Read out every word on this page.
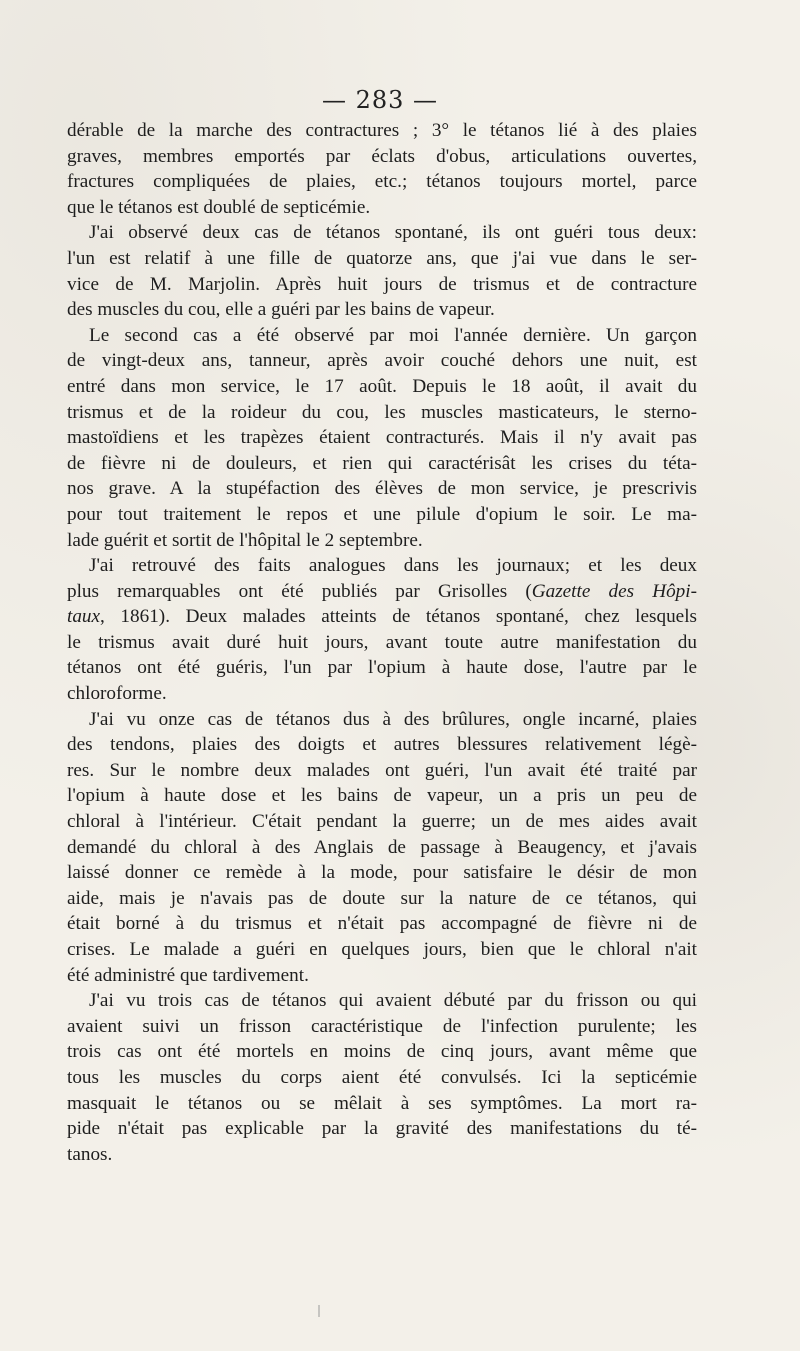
— 283 —
dérable de la marche des contractures ; 3° le tétanos lié à des plaies
graves, membres emportés par éclats d'obus, articulations ouvertes,
fractures compliquées de plaies, etc.; tétanos toujours mortel, parce
que le tétanos est doublé de septicémie.
J'ai observé deux cas de tétanos spontané, ils ont guéri tous deux:
l'un est relatif à une fille de quatorze ans, que j'ai vue dans le ser-
vice de M. Marjolin. Après huit jours de trismus et de contracture
des muscles du cou, elle a guéri par les bains de vapeur.
Le second cas a été observé par moi l'année dernière. Un garçon
de vingt-deux ans, tanneur, après avoir couché dehors une nuit, est
entré dans mon service, le 17 août. Depuis le 18 août, il avait du
trismus et de la roideur du cou, les muscles masticateurs, le sterno-
mastoïdiens et les trapèzes étaient contracturés. Mais il n'y avait pas
de fièvre ni de douleurs, et rien qui caractérisât les crises du téta-
nos grave. A la stupéfaction des élèves de mon service, je prescrivis
pour tout traitement le repos et une pilule d'opium le soir. Le ma-
lade guérit et sortit de l'hôpital le 2 septembre.
J'ai retrouvé des faits analogues dans les journaux; et les deux
plus remarquables ont été publiés par Grisolles (Gazette des Hôpi-
taux, 1861). Deux malades atteints de tétanos spontané, chez lesquels
le trismus avait duré huit jours, avant toute autre manifestation du
tétanos ont été guéris, l'un par l'opium à haute dose, l'autre par le
chloroforme.
J'ai vu onze cas de tétanos dus à des brûlures, ongle incarné, plaies
des tendons, plaies des doigts et autres blessures relativement légè-
res. Sur le nombre deux malades ont guéri, l'un avait été traité par
l'opium à haute dose et les bains de vapeur, un a pris un peu de
chloral à l'intérieur. C'était pendant la guerre; un de mes aides avait
demandé du chloral à des Anglais de passage à Beaugency, et j'avais
laissé donner ce remède à la mode, pour satisfaire le désir de mon
aide, mais je n'avais pas de doute sur la nature de ce tétanos, qui
était borné à du trismus et n'était pas accompagné de fièvre ni de
crises. Le malade a guéri en quelques jours, bien que le chloral n'ait
été administré que tardivement.
J'ai vu trois cas de tétanos qui avaient débuté par du frisson ou qui
avaient suivi un frisson caractéristique de l'infection purulente; les
trois cas ont été mortels en moins de cinq jours, avant même que
tous les muscles du corps aient été convulsés. Ici la septicémie
masquait le tétanos ou se mêlait à ses symptômes. La mort ra-
pide n'était pas explicable par la gravité des manifestations du té-
tanos.
